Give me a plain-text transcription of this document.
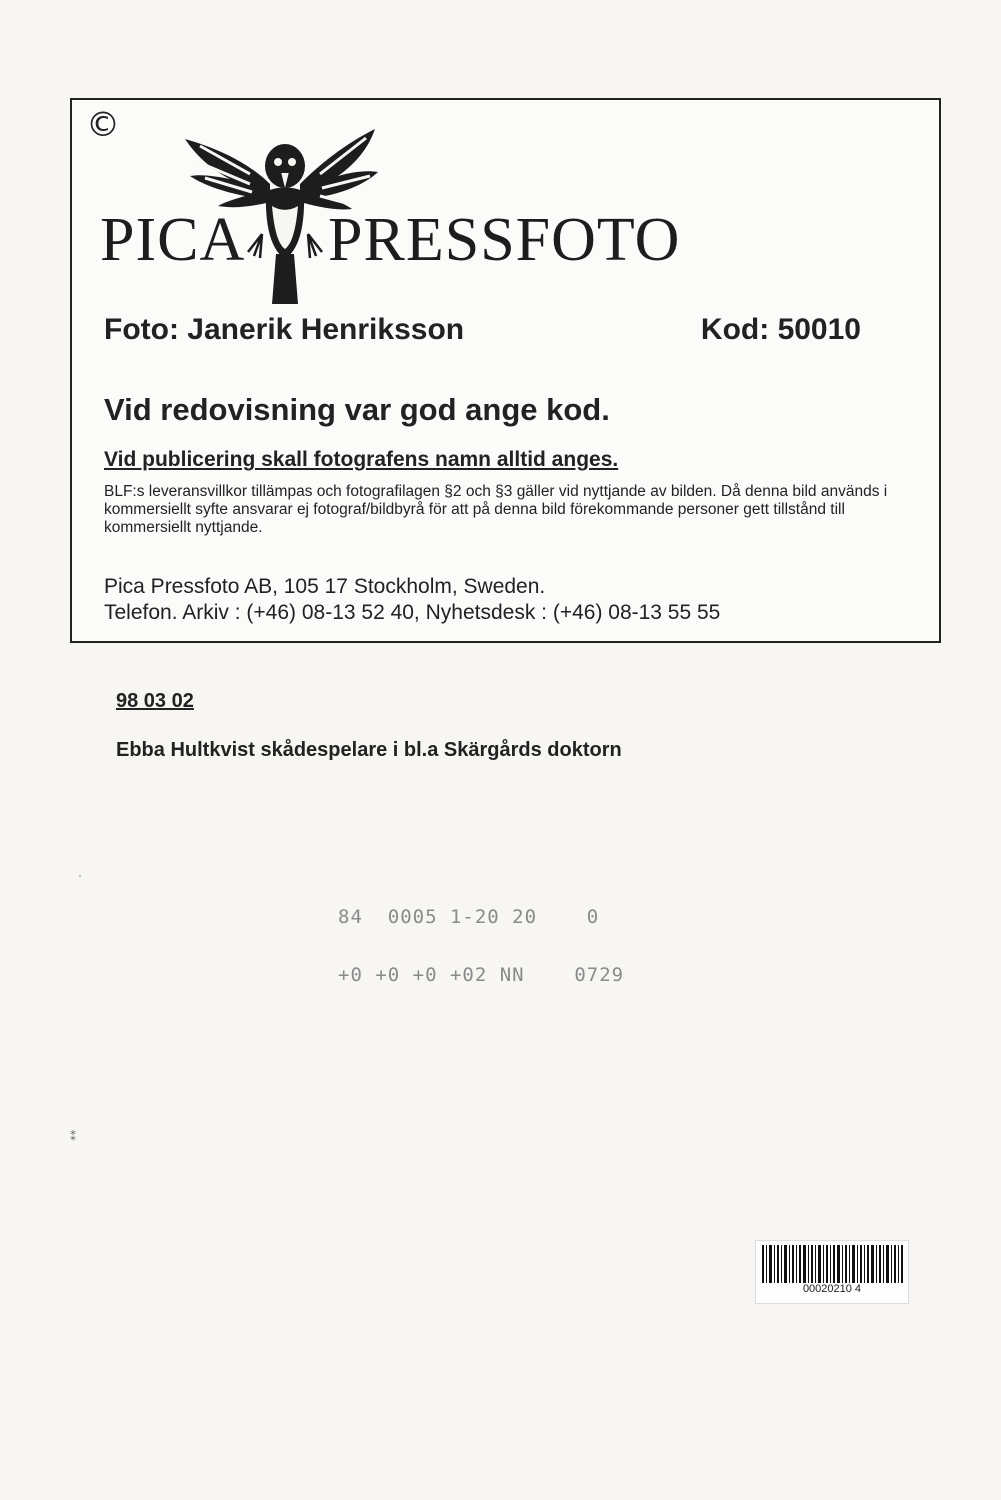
©
PICA PRESSFOTO
Foto: Janerik Henriksson	Kod: 50010
Vid redovisning var god ange kod.
Vid publicering skall fotografens namn alltid anges.
BLF:s leveransvillkor tillämpas och fotografilagen §2 och §3 gäller vid nyttjande av bilden. Då denna bild används i kommersiellt syfte ansvarar ej fotograf/bildbyrå för att på denna bild förekommande personer gett tillstånd till kommersiellt nyttjande.
Pica Pressfoto AB, 105 17 Stockholm, Sweden.
Telefon. Arkiv : (+46) 08-13 52 40, Nyhetsdesk : (+46) 08-13 55 55
98 03 02
Ebba Hultkvist skådespelare i bl.a Skärgårds doktorn
84  0005 1-20 20    0
+0 +0 +0 +02 NN    0729
00020210 4
⁑
·
